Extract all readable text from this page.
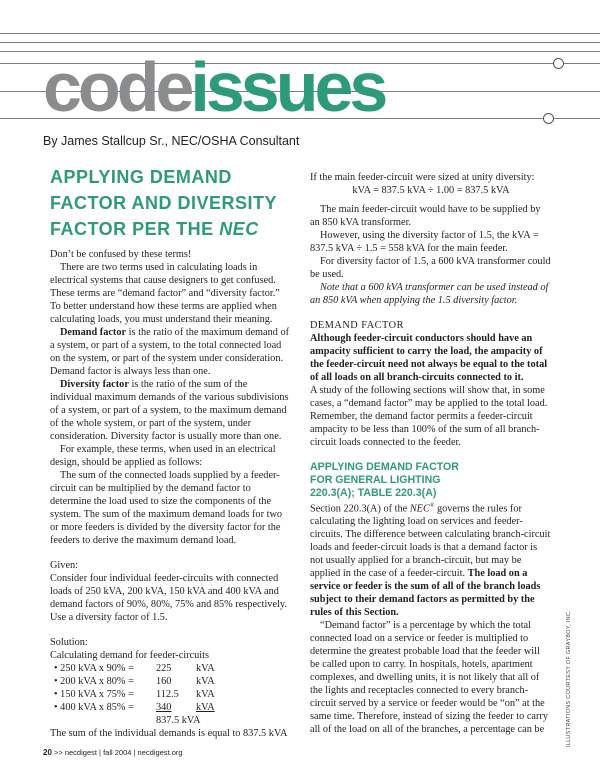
codeissues
By James Stallcup Sr., NEC/OSHA Consultant
APPLYING DEMAND
FACTOR AND DIVERSITY
FACTOR PER THE NEC

Don’t be confused by these terms!

There are two terms used in calculating loads in electrical systems that cause designers to get confused. These terms are “demand factor” and “diversity factor.” To better understand how these terms are applied when calculating loads, you must understand their meaning.

Demand factor is the ratio of the maximum demand of a system, or part of a system, to the total connected load on the system, or part of the system under consideration. Demand factor is always less than one.

Diversity factor is the ratio of the sum of the individual maximum demands of the various subdivisions of a system, or part of a system, to the maximum demand of the whole system, or part of the system, under consideration. Diversity factor is usually more than one.

For example, these terms, when used in an electrical design, should be applied as follows:

The sum of the connected loads supplied by a feeder-circuit can be multiplied by the demand factor to determine the load used to size the components of the system. The sum of the maximum demand loads for two or more feeders is divided by the diversity factor for the feeders to derive the maximum demand load.

Given:

Consider four individual feeder-circuits with connected loads of 250 kVA, 200 kVA, 150 kVA and 400 kVA and demand factors of 90%, 80%, 75% and 85% respectively. Use a diversity factor of 1.5.

Solution:

Calculating demand for feeder-circuits

• 250 kVA x 90% =	225	kVA
• 200 kVA x 80% =	160	kVA
• 150 kVA x 75% =	112.5	kVA
• 400 kVA x 85% =	340	kVA
837.5 kVA

The sum of the individual demands is equal to 837.5 kVA

If the main feeder-circuit were sized at unity diversity:

kVA = 837.5 kVA ÷ 1.00 = 837.5 kVA

The main feeder-circuit would have to be supplied by an 850 kVA transformer.

However, using the diversity factor of 1.5, the kVA = 837.5 kVA ÷ 1.5 = 558 kVA for the main feeder.

For diversity factor of 1.5, a 600 kVA transformer could be used.

Note that a 600 kVA transformer can be used instead of an 850 kVA when applying the 1.5 diversity factor.

DEMAND FACTOR

Although feeder-circuit conductors should have an ampacity sufficient to carry the load, the ampacity of the feeder-circuit need not always be equal to the total of all loads on all branch-circuits connected to it.

A study of the following sections will show that, in some cases, a “demand factor” may be applied to the total load. Remember, the demand factor permits a feeder-circuit ampacity to be less than 100% of the sum of all branch-circuit loads connected to the feeder.

APPLYING DEMAND FACTOR
FOR GENERAL LIGHTING
220.3(A); TABLE 220.3(A)

Section 220.3(A) of the NEC® governs the rules for calculating the lighting load on services and feeder-circuits. The difference between calculating branch-circuit loads and feeder-circuit loads is that a demand factor is not usually applied for a branch-circuit, but may be applied in the case of a feeder-circuit. The load on a service or feeder is the sum of all of the branch loads subject to their demand factors as permitted by the rules of this Section.

“Demand factor” is a percentage by which the total connected load on a service or feeder is multiplied to determine the greatest probable load that the feeder will be called upon to carry. In hospitals, hotels, apartment complexes, and dwelling units, it is not likely that all of the lights and receptacles connected to every branch-circuit served by a service or feeder would be “on” at the same time. Therefore, instead of sizing the feeder to carry all of the load on all of the branches, a percentage can be	ILLUSTRATIONS COURTESY OF GRAYBOY, INC.
20 >> necdigest | fall 2004 | necdigest.org
